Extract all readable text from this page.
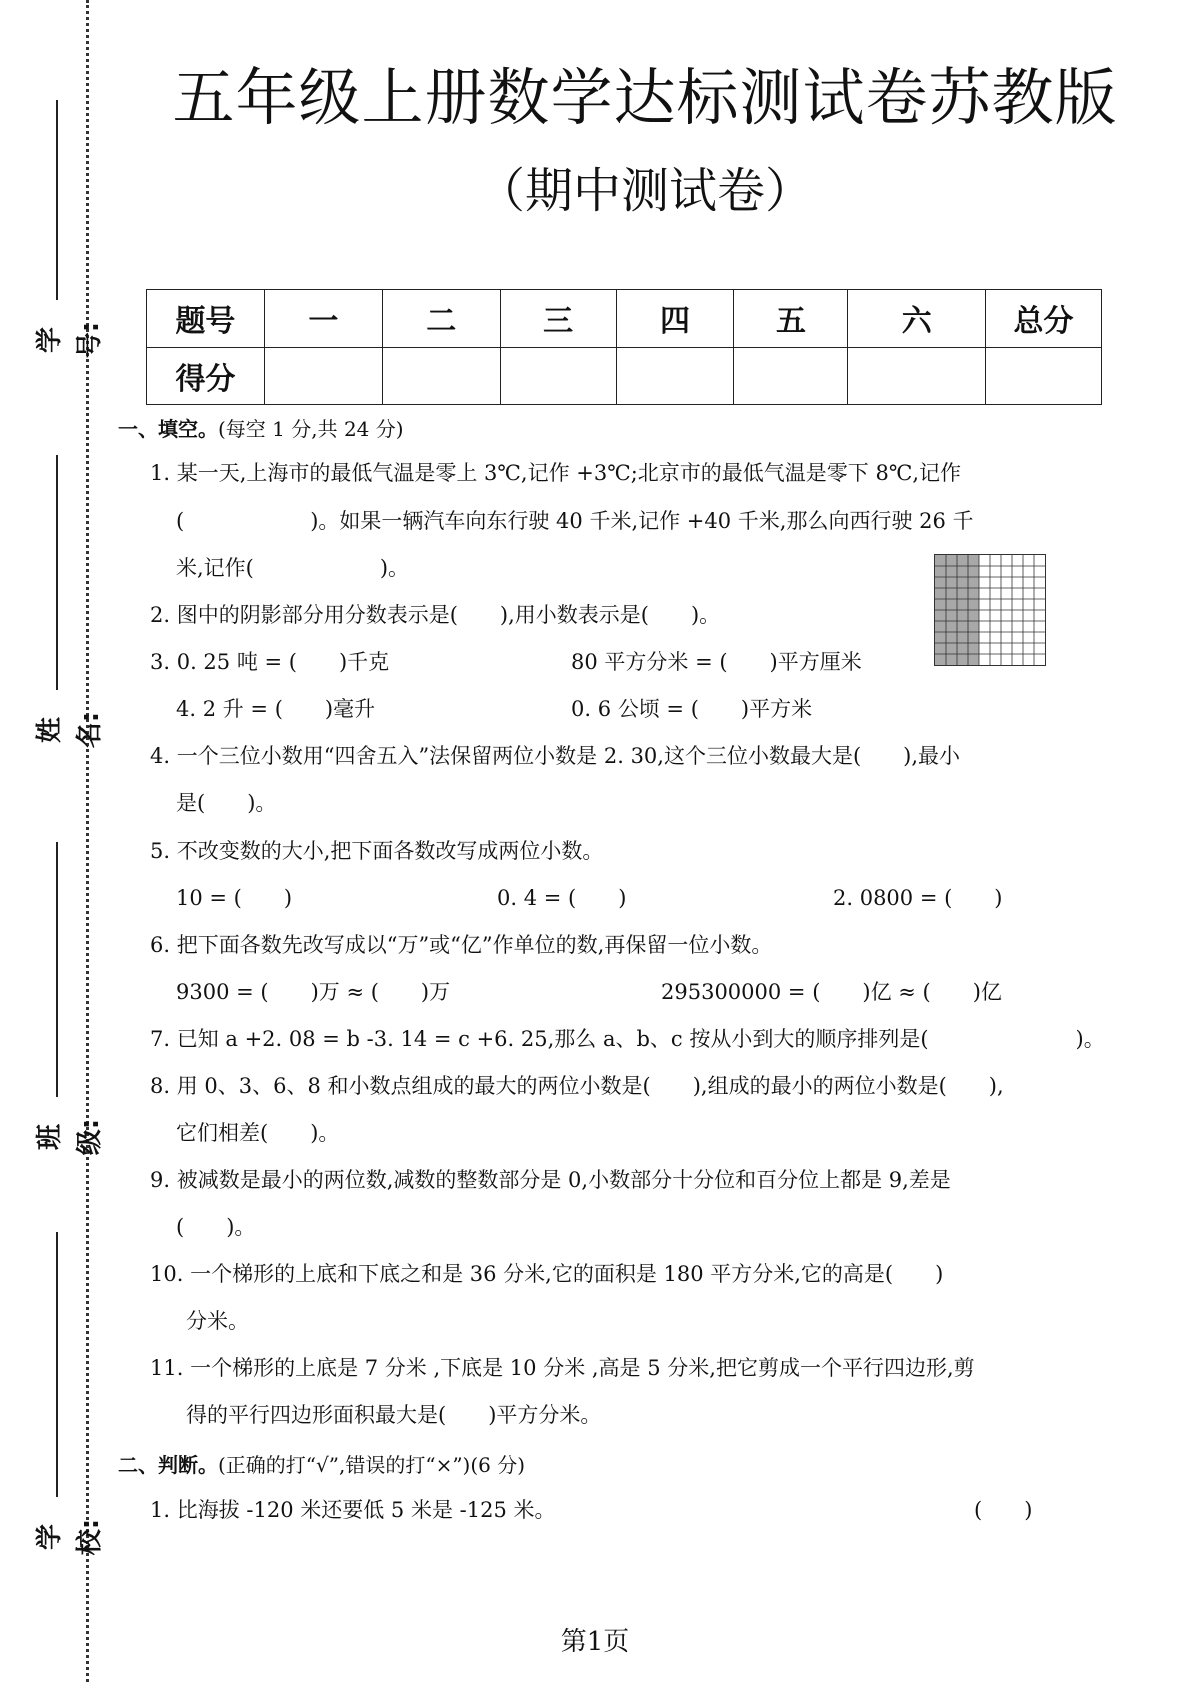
学号:
姓名:
班级:
学校:
五年级上册数学达标测试卷苏教版
（期中测试卷）
题号	一	二	三	四	五	六	总分
得分							
一、填空。(每空 1 分,共 24 分)
1. 某一天,上海市的最低气温是零上 3℃,记作 +3℃;北京市的最低气温是零下 8℃,记作
(　　　　　　)。如果一辆汽车向东行驶 40 千米,记作 +40 千米,那么向西行驶 26 千
米,记作(　　　　　　)。
2. 图中的阴影部分用分数表示是(　　),用小数表示是(　　)。
3. 0. 25 吨 = (　　)千克	80 平方分米 = (　　)平方厘米
4. 2 升 = (　　)毫升	0. 6 公顷 = (　　)平方米
4. 一个三位小数用“四舍五入”法保留两位小数是 2. 30,这个三位小数最大是(　　),最小
是(　　)。
5. 不改变数的大小,把下面各数改写成两位小数。
10 = (　　)	0. 4 = (　　)	2. 0800 = (　　)
6. 把下面各数先改写成以“万”或“亿”作单位的数,再保留一位小数。
9300 = (　　)万 ≈ (　　)万	295300000 = (　　)亿 ≈ (　　)亿
7. 已知 a +2. 08 = b -3. 14 = c +6. 25,那么 a、b、c 按从小到大的顺序排列是(　　　　　　　)。
8. 用 0、3、6、8 和小数点组成的最大的两位小数是(　　),组成的最小的两位小数是(　　),
它们相差(　　)。
9. 被减数是最小的两位数,减数的整数部分是 0,小数部分十分位和百分位上都是 9,差是
(　　)。
10. 一个梯形的上底和下底之和是 36 分米,它的面积是 180 平方分米,它的高是(　　)
分米。
11. 一个梯形的上底是 7 分米 ,下底是 10 分米 ,高是 5 分米,把它剪成一个平行四边形,剪
得的平行四边形面积最大是(　　)平方分米。
二、判断。(正确的打“√”,错误的打“×”)(6 分)
1. 比海拔 -120 米还要低 5 米是 -125 米。	(　　)
第1页
